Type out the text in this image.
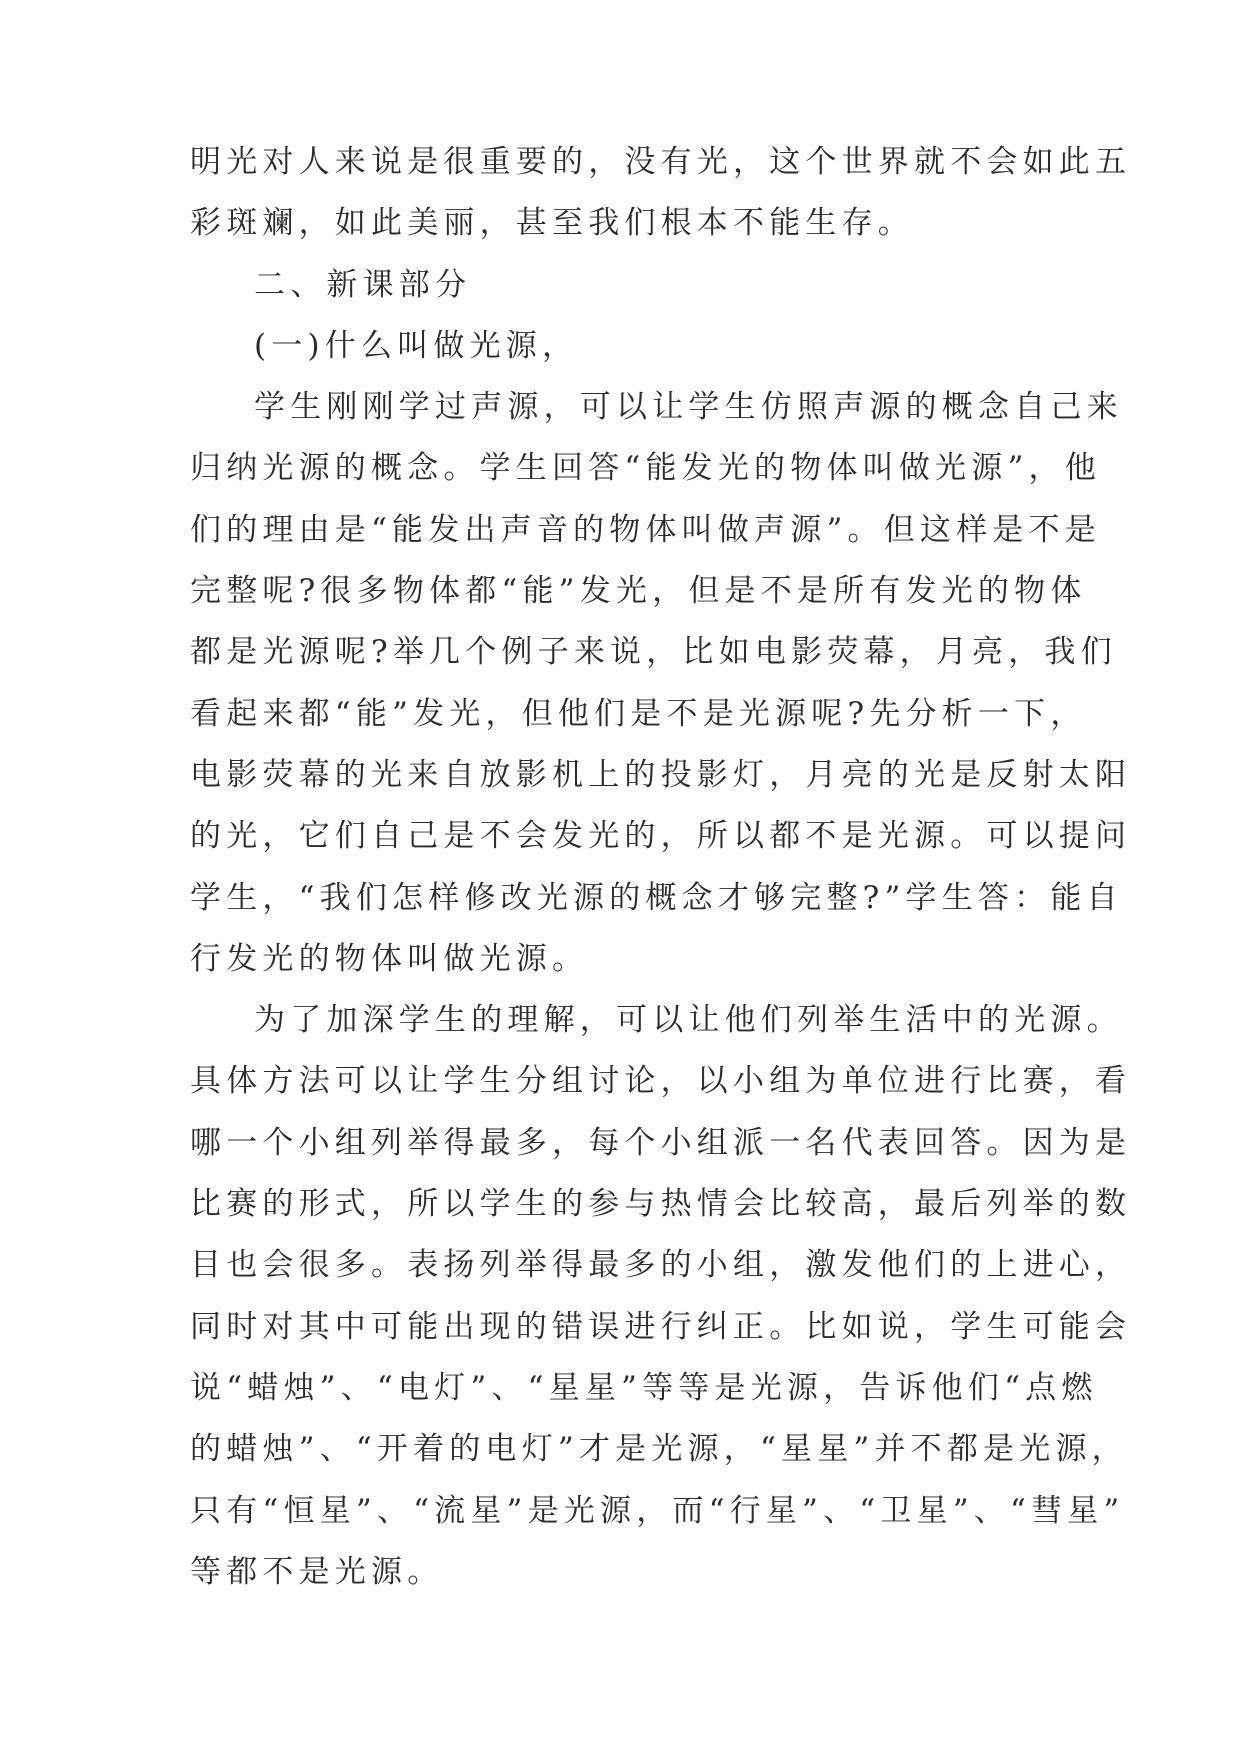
明光对人来说是很重要的，没有光，这个世界就不会如此五
彩斑斓，如此美丽，甚至我们根本不能生存。
二、新课部分
(一)什么叫做光源，
学生刚刚学过声源，可以让学生仿照声源的概念自己来
归纳光源的概念。学生回答“能发光的物体叫做光源”，他
们的理由是“能发出声音的物体叫做声源”。但这样是不是
完整呢?很多物体都“能”发光，但是不是所有发光的物体
都是光源呢?举几个例子来说，比如电影荧幕，月亮，我们
看起来都“能”发光，但他们是不是光源呢?先分析一下，
电影荧幕的光来自放影机上的投影灯，月亮的光是反射太阳
的光，它们自己是不会发光的，所以都不是光源。可以提问
学生，“我们怎样修改光源的概念才够完整?”学生答：能自
行发光的物体叫做光源。
为了加深学生的理解，可以让他们列举生活中的光源。
具体方法可以让学生分组讨论，以小组为单位进行比赛，看
哪一个小组列举得最多，每个小组派一名代表回答。因为是
比赛的形式，所以学生的参与热情会比较高，最后列举的数
目也会很多。表扬列举得最多的小组，激发他们的上进心，
同时对其中可能出现的错误进行纠正。比如说，学生可能会
说“蜡烛”、“电灯”、“星星”等等是光源，告诉他们“点燃
的蜡烛”、“开着的电灯”才是光源，“星星”并不都是光源，
只有“恒星”、“流星”是光源，而“行星”、“卫星”、“彗星”
等都不是光源。
